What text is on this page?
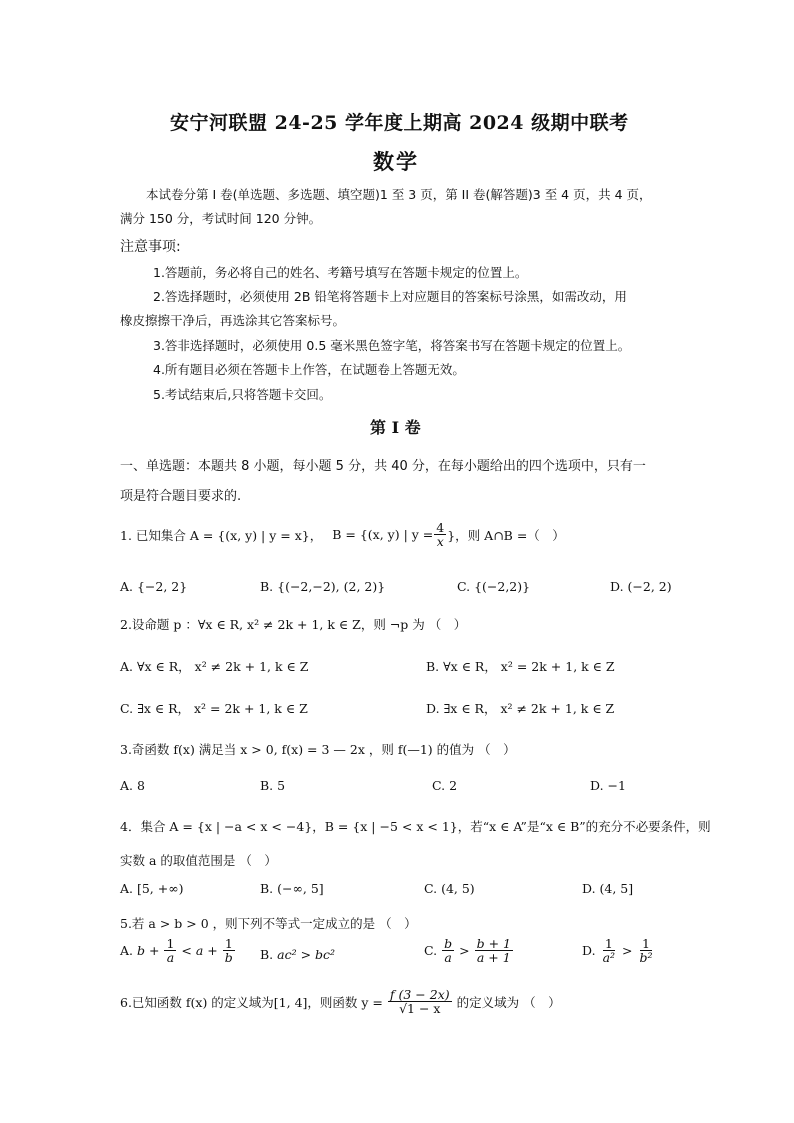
安宁河联盟 24-25 学年度上期高 2024 级期中联考
数学
本试卷分第 I 卷(单选题、多选题、填空题)1 至 3 页，第 II 卷(解答题)3 至 4 页，共 4 页，
满分 150 分，考试时间 120 分钟。
注意事项:
1.答题前，务必将自己的姓名、考籍号填写在答题卡规定的位置上。
2.答选择题时，必须使用 2B 铅笔将答题卡上对应题目的答案标号涂黑，如需改动，用
橡皮擦擦干净后，再选涂其它答案标号。
3.答非选择题时，必须使用 0.5 毫米黑色签字笔，将答案书写在答题卡规定的位置上。
4.所有题目必须在答题卡上作答，在试题卷上答题无效。
5.考试结束后,只将答题卡交回。
第 I 卷
一、单选题：本题共 8 小题，每小题 5 分，共 40 分，在每小题给出的四个选项中，只有一
项是符合题目要求的.
1. 已知集合 A = {(x, y) | y = x}， B = {(x, y) | $y = \frac{4}{x}$ }，则 A∩B =（　）
A. {−2, 2}	B. {(−2,−2), (2, 2)}	C. {(−2,2)}	D. (−2, 2)
2.设命题 p ：∀x ∈ R, x² ≠ 2k + 1, k ∈ Z，则 ¬p 为 （　）
A. ∀x ∈ R， x² ≠ 2k + 1, k ∈ Z	B. ∀x ∈ R， x² = 2k + 1, k ∈ Z
C. ∃x ∈ R， x² = 2k + 1, k ∈ Z	D. ∃x ∈ R， x² ≠ 2k + 1, k ∈ Z
3.奇函数 f(x) 满足当 x > 0, f(x) = 3 — 2x ，则 f(—1) 的值为 （　）
A. 8	B. 5	C. 2	D. −1
4．集合 A = {x | −a < x < −4}，B = {x | −5 < x < 1}，若“x ∈ A”是“x ∈ B”的充分不必要条件，则
实数 a 的取值范围是 （　）
A. [5, +∞)	B. (−∞, 5]	C. (4, 5)	D. (4, 5]
5.若 a > b > 0 ，则下列不等式一定成立的是 （　）
A. $b + \frac{1}{a} < a + \frac{1}{b} B$. ac² > bc²	C. $\frac{b}{a} > \frac{b + 1}{a + 1}$	D. $\frac{1}{\text{a²}} > \frac{1}{\text{b²}}$
6.已知函数 f(x) 的定义域为[1, 4]，则函数 $y = \frac{f (3 - 2x)}{√1 - x}$ 的定义域为 （　）
